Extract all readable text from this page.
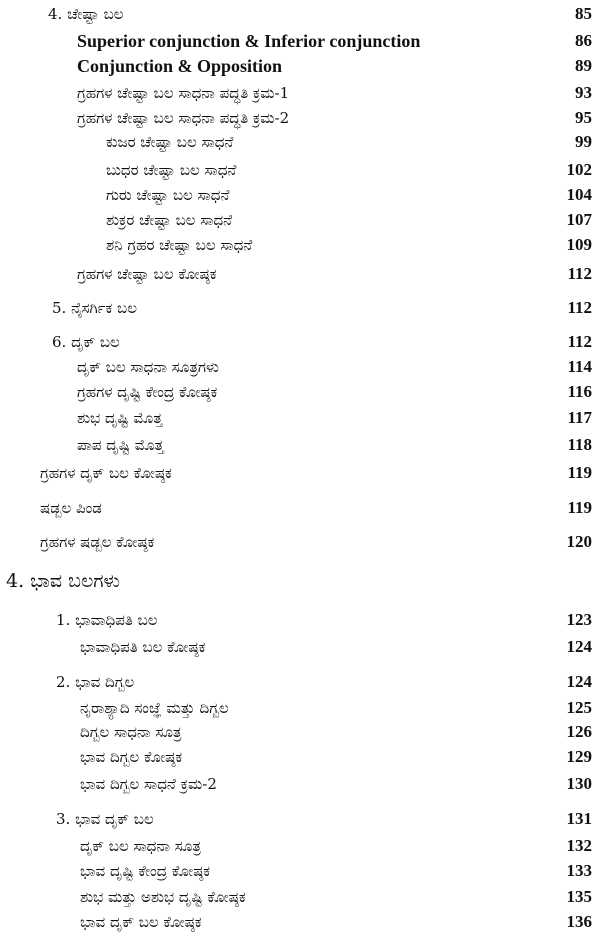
4. ಚೇಷ್ಟಾ ಬಲ	85
Superior conjunction & Inferior conjunction	86
Conjunction & Opposition	89
ಗ್ರಹಗಳ ಚೇಷ್ಟಾ ಬಲ ಸಾಧನಾ ಪದ್ಧತಿ ಕ್ರಮ-1	93
ಗ್ರಹಗಳ ಚೇಷ್ಟಾ ಬಲ ಸಾಧನಾ ಪದ್ಧತಿ ಕ್ರಮ-2	95
ಕುಜರ ಚೇಷ್ಟಾ ಬಲ ಸಾಧನೆ	99
ಬುಧರ ಚೇಷ್ಟಾ ಬಲ ಸಾಧನೆ	102
ಗುರು ಚೇಷ್ಟಾ ಬಲ ಸಾಧನೆ	104
ಶುಕ್ರರ ಚೇಷ್ಟಾ ಬಲ ಸಾಧನೆ	107
ಶನಿ ಗ್ರಹರ ಚೇಷ್ಟಾ ಬಲ ಸಾಧನೆ	109
ಗ್ರಹಗಳ ಚೇಷ್ಟಾ ಬಲ ಕೋಷ್ಠಕ	112
5. ನೈಸರ್ಗಿಕ ಬಲ	112
6. ದೃಕ್ ಬಲ	112
ದೃಕ್ ಬಲ ಸಾಧನಾ ಸೂತ್ರಗಳು	114
ಗ್ರಹಗಳ ದೃಷ್ಟಿ ಕೇಂದ್ರ ಕೋಷ್ಠಕ	116
ಶುಭ ದೃಷ್ಟಿ ಮೊತ್ತ	117
ಪಾಪ ದೃಷ್ಟಿ ಮೊತ್ತ	118
ಗ್ರಹಗಳ ದೃಕ್ ಬಲ ಕೋಷ್ಠಕ	119
ಷಡ್ಬಲ ಪಿಂಡ	119
ಗ್ರಹಗಳ ಷಡ್ಬಲ ಕೋಷ್ಠಕ	120
4. ಭಾವ ಬಲಗಳು
1. ಭಾವಾಧಿಪತಿ ಬಲ	123
ಭಾವಾಧಿಪತಿ ಬಲ ಕೋಷ್ಠಕ	124
2. ಭಾವ ದಿಗ್ಬಲ	124
ನೃರಾಶ್ಯಾದಿ ಸಂಜ್ಞೆ ಮತ್ತು ದಿಗ್ಬಲ	125
ದಿಗ್ಬಲ ಸಾಧನಾ ಸೂತ್ರ	126
ಭಾವ ದಿಗ್ಬಲ ಕೋಷ್ಠಕ	129
ಭಾವ ದಿಗ್ಬಲ ಸಾಧನೆ ಕ್ರಮ-2	130
3. ಭಾವ ದೃಕ್ ಬಲ	131
ದೃಕ್ ಬಲ ಸಾಧನಾ ಸೂತ್ರ	132
ಭಾವ ದೃಷ್ಟಿ ಕೇಂದ್ರ ಕೋಷ್ಠಕ	133
ಶುಭ ಮತ್ತು ಅಶುಭ ದೃಷ್ಟಿ ಕೋಷ್ಠಕ	135
ಭಾವ ದೃಕ್ ಬಲ ಕೋಷ್ಠಕ	136
